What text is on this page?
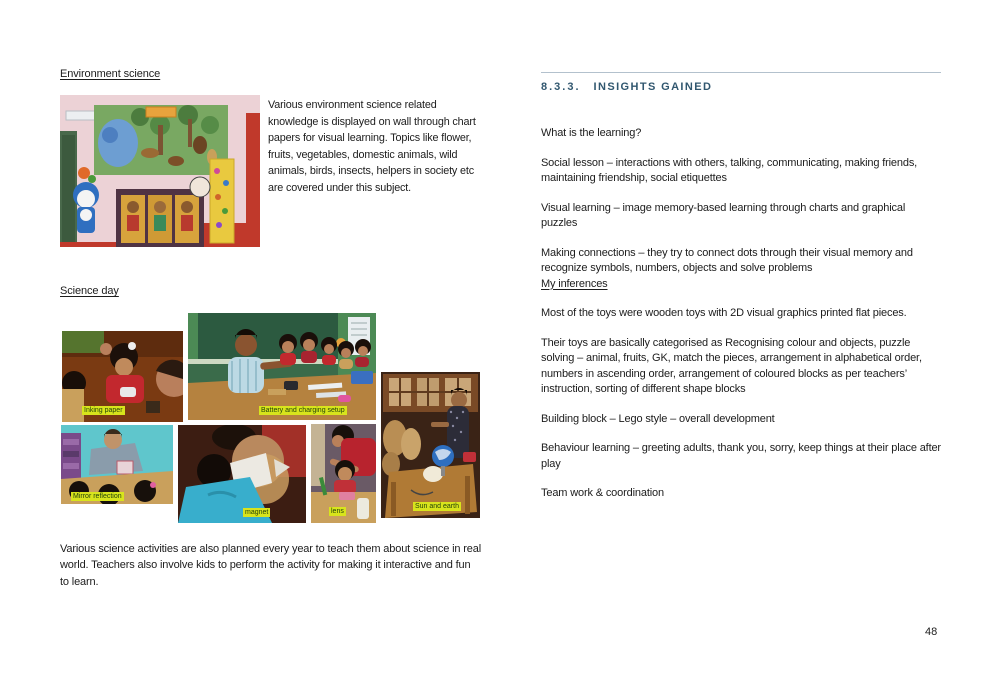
Environment science

Various environment science related knowledge is displayed on wall through chart papers for visual learning. Topics like flower, fruits, vegetables, domestic animals, wild animals, birds, insects, helpers in society etc are covered under this subject.

Science day
Inking paper	Battery and charging setup
Sun and earth
Mirror reflection
magnet	lens

Various science activities are also planned every year to teach them about science in real world. Teachers also involve kids to perform the activity for making it interactive and fun to learn.

8.3.3. INSIGHTS GAINED

What is the learning?

Social lesson – interactions with others, talking, communicating, making friends, maintaining friendship, social etiquettes

Visual learning – image memory-based learning through charts and graphical puzzles

Making connections – they try to connect dots through their visual memory and recognize symbols, numbers, objects and solve problems

My inferences

Most of the toys were wooden toys with 2D visual graphics printed flat pieces.

Their toys are basically categorised as Recognising colour and objects, puzzle solving – animal, fruits, GK, match the pieces, arrangement in alphabetical order, numbers in ascending order, arrangement of coloured blocks as per teachers’ instruction, sorting of different shape blocks

Building block – Lego style – overall development

Behaviour learning – greeting adults, thank you, sorry, keep things at their place after play

Team work & coordination

48
